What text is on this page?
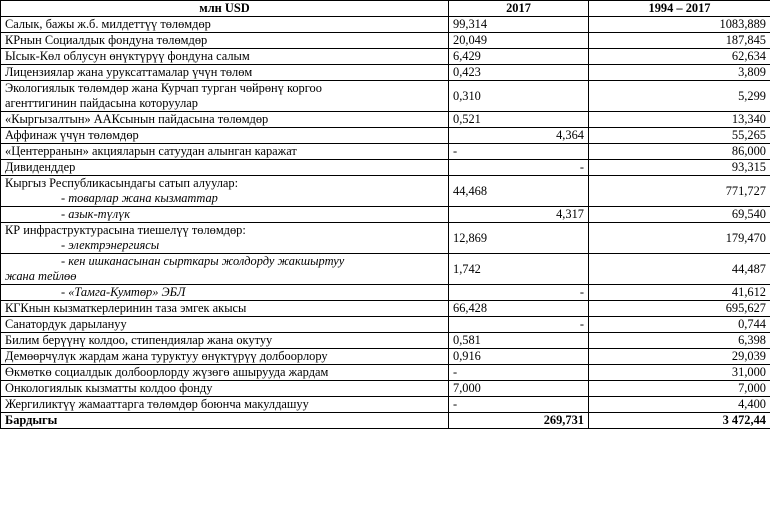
млн USD	2017	1994 – 2017
Салык, бажы ж.б. милдеттүү төлөмдөр	99,314	1083,889
КРнын Социалдык фондуна төлөмдөр	20,049	187,845
Ысык-Көл облусун өнүктүрүү фондуна салым	6,429	62,634
Лицензиялар жана уруксаттамалар үчүн төлөм	0,423	3,809

Экологиялык төлөмдөр жана Курчап турган чөйрөнү коргоо
агенттигинин пайдасына которуулар	0,310	5,299
«Кыргызалтын» ААКсынын пайдасына төлөмдөр	0,521	13,340
Аффинаж үчүн төлөмдөр	4,364	55,265
«Центерранын» акцияларын сатуудан алынган каражат	-	86,000
Дивиденддер	-	93,315

Кыргыз Республикасындагы сатып алуулар:
- товарлар жана кызматтар	44,468	771,727

- азык-түлүк	4,317	69,540

КР инфраструктурасына тиешелүү төлөмдөр:
- электрэнергиясы	12,869	179,470

- кен ишканасынан сырткары жолдорду жакшыртуу
жана тейлөө	1,742	44,487

- «Тамга-Кумтөр» ЭБЛ	-	41,612
КГКнын кызматкерлеринин таза эмгек акысы	66,428	695,627
Санатордук дарылануу	-	0,744
Билим берүүнү колдоо, стипендиялар жана окутуу	0,581	6,398
Демөөрчүлүк жардам жана туруктуу өнүктүрүү долбоорлору	0,916	29,039
Өкмөткө социалдык долбоорлорду жүзөгө ашырууда жардам	-	31,000
Онкологиялык кызматты колдоо фонду	7,000	7,000
Жергиликтүү жамааттарга төлөмдөр боюнча макулдашуу	-	4,400
Бардыгы	269,731	3 472,44
